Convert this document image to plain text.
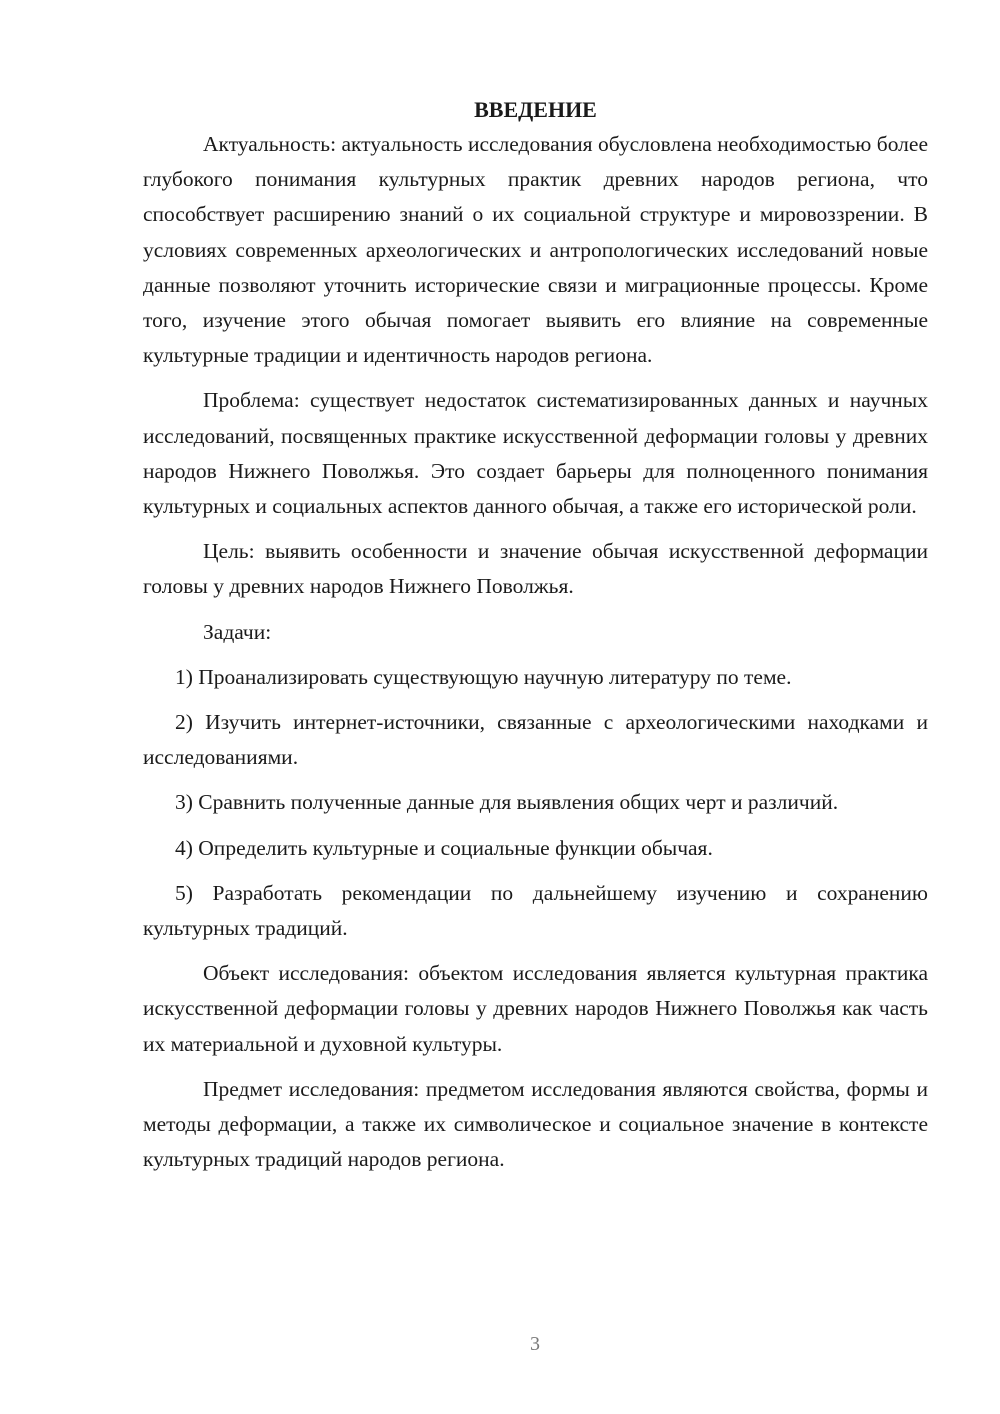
ВВЕДЕНИЕ

Актуальность: актуальность исследования обусловлена необходимостью более глубокого понимания культурных практик древних народов региона, что способствует расширению знаний о их социальной структуре и мировоззрении. В условиях современных археологических и антропологических исследований новые данные позволяют уточнить исторические связи и миграционные процессы. Кроме того, изучение этого обычая помогает выявить его влияние на современные культурные традиции и идентичность народов региона.

Проблема: существует недостаток систематизированных данных и научных исследований, посвященных практике искусственной деформации головы у древних народов Нижнего Поволжья. Это создает барьеры для полноценного понимания культурных и социальных аспектов данного обычая, а также его исторической роли.

Цель: выявить особенности и значение обычая искусственной деформации головы у древних народов Нижнего Поволжья.

Задачи:

1) Проанализировать существующую научную литературу по теме.

2) Изучить интернет-источники, связанные с археологическими находками и исследованиями.

3) Сравнить полученные данные для выявления общих черт и различий.

4) Определить культурные и социальные функции обычая.

5) Разработать рекомендации по дальнейшему изучению и сохранению культурных традиций.

Объект исследования: объектом исследования является культурная практика искусственной деформации головы у древних народов Нижнего Поволжья как часть их материальной и духовной культуры.

Предмет исследования: предметом исследования являются свойства, формы и методы деформации, а также их символическое и социальное значение в контексте культурных традиций народов региона.

3
